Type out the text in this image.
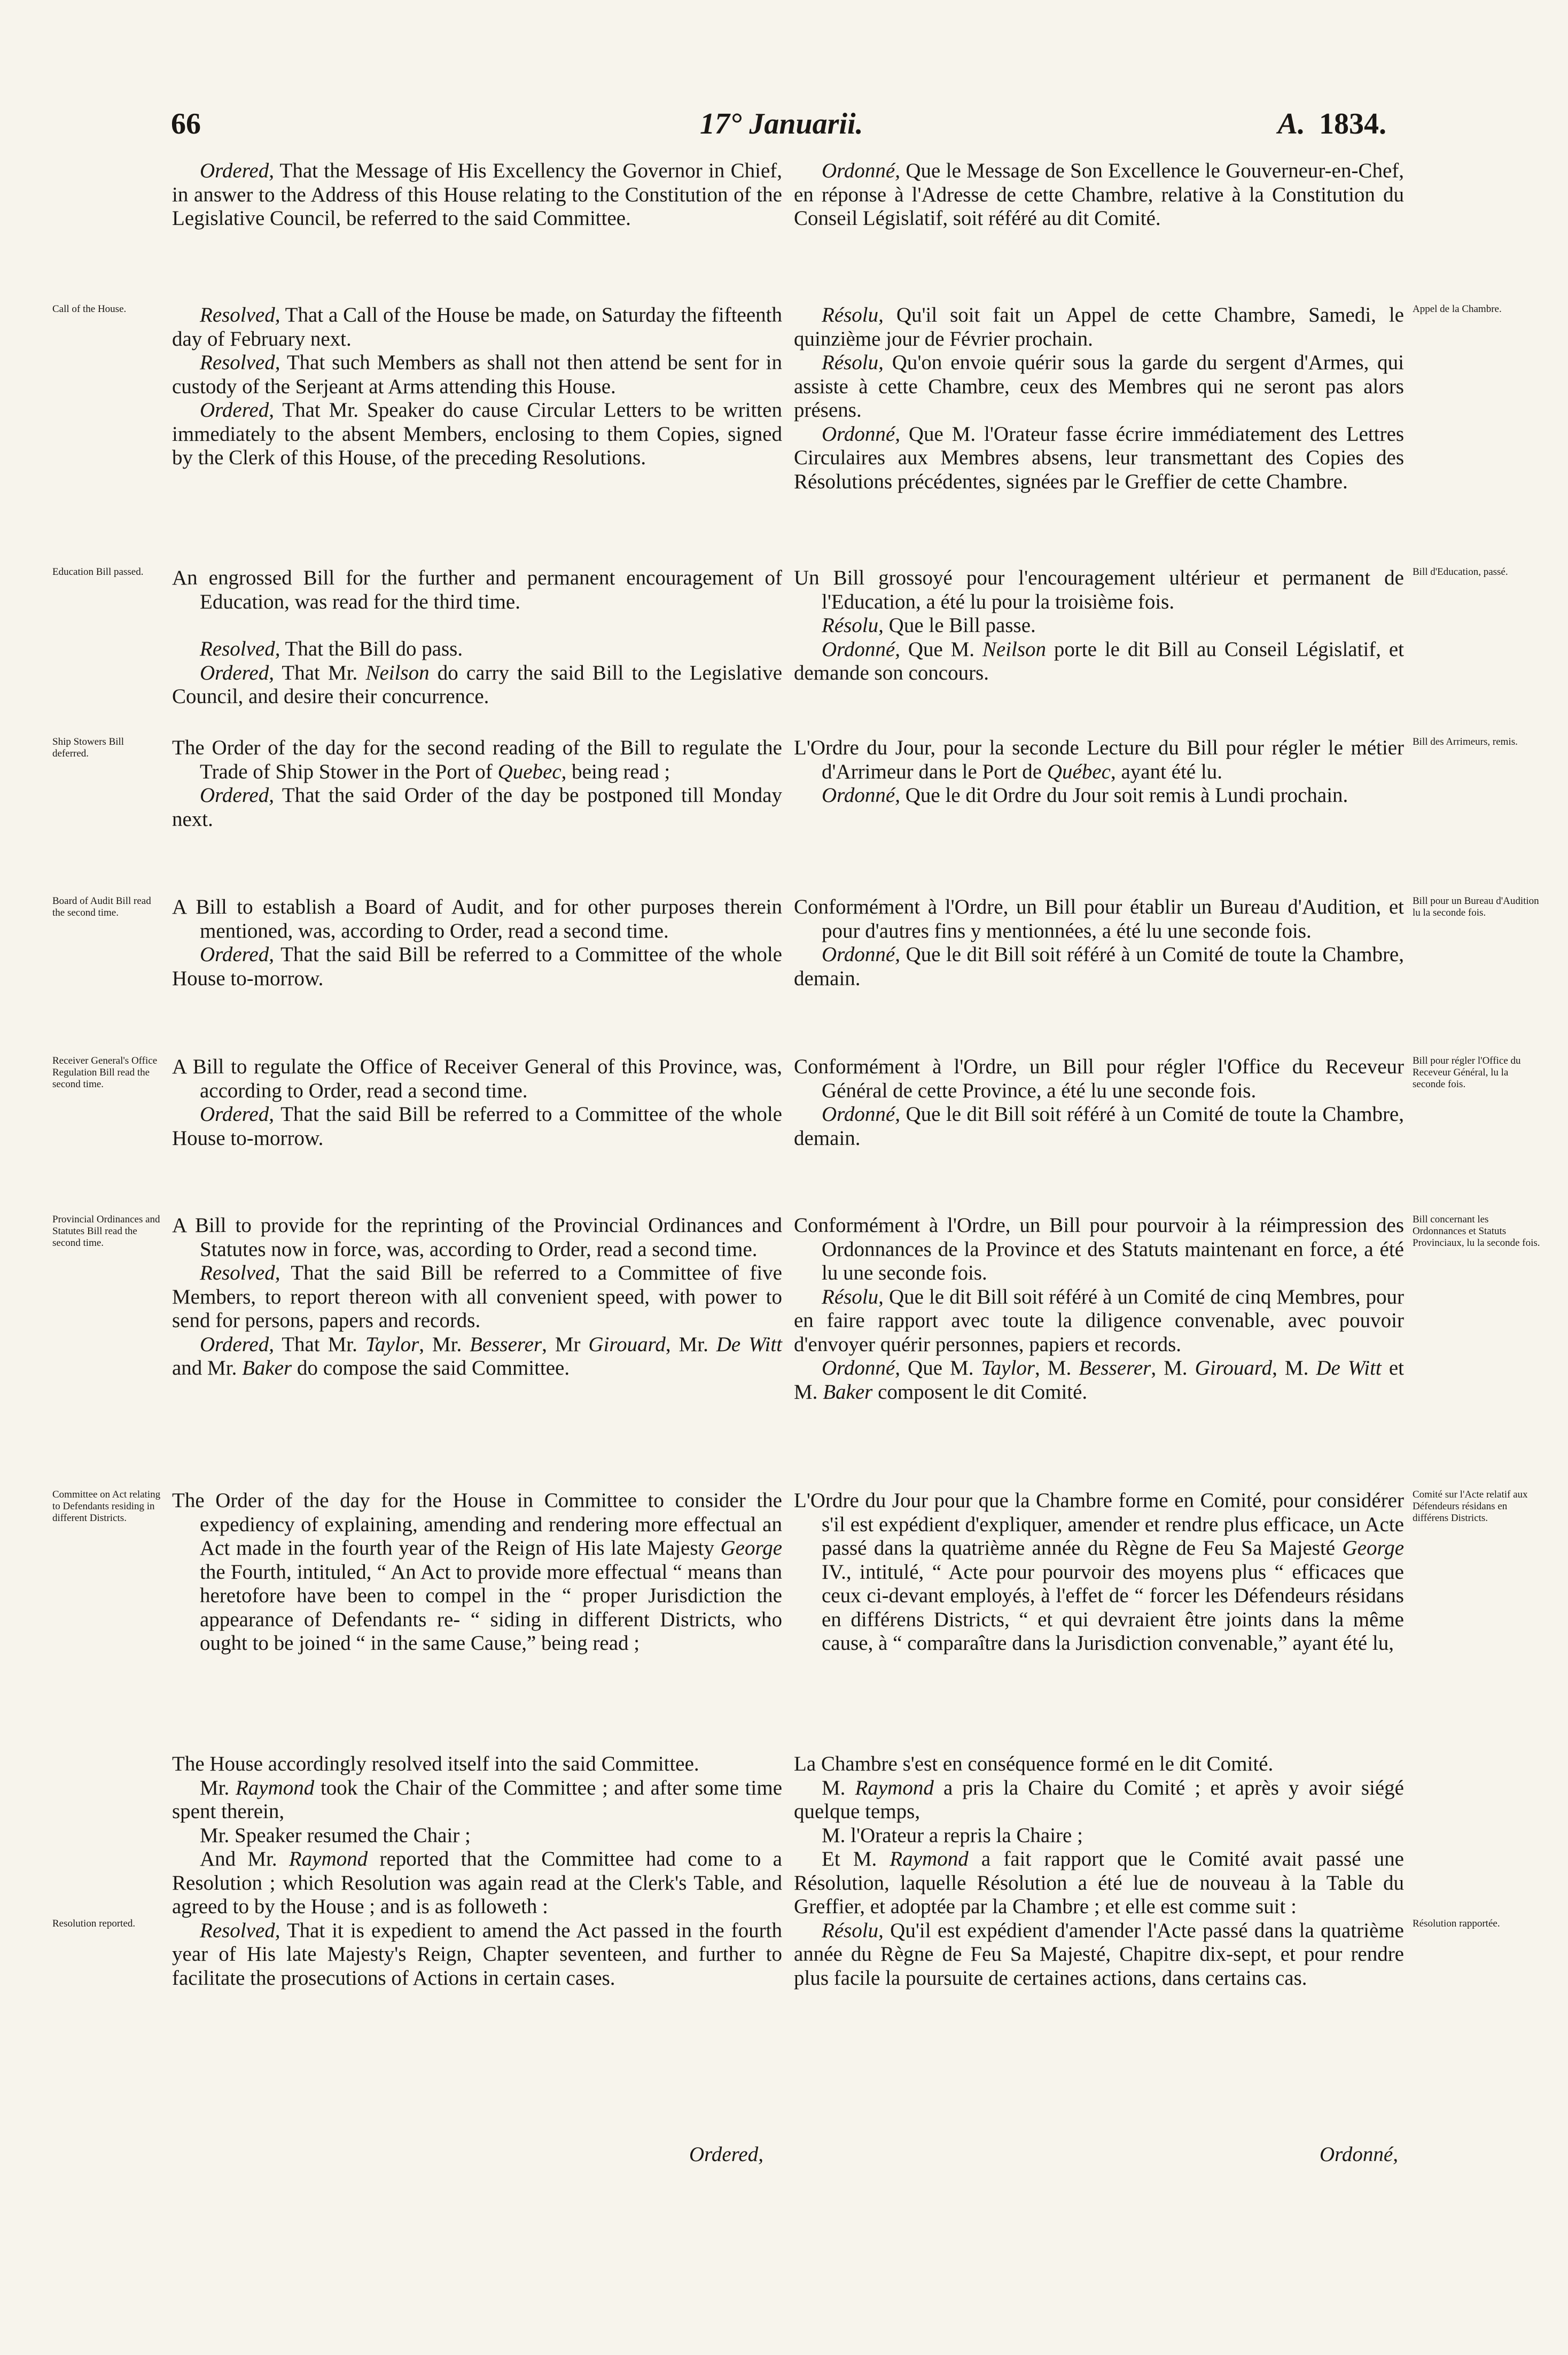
66	17° Januarii.	A. 1834.

Ordered, That the Message of His Excellency the Governor in Chief, in answer to the Address of this House relating to the Constitution of the Legislative Council, be referred to the said Committee.

Ordonné, Que le Message de Son Excellence le Gouverneur-en-Chef, en réponse à l'Adresse de cette Chambre, relative à la Constitution du Conseil Législatif, soit référé au dit Comité.

Call of the House.	Resolved, That a Call of the House be made, on Saturday the fifteenth day of February next.

Resolved, That such Members as shall not then attend be sent for in custody of the Serjeant at Arms attending this House.

Ordered, That Mr. Speaker do cause Circular Letters to be written immediately to the absent Members, enclosing to them Copies, signed by the Clerk of this House, of the preceding Resolutions.

Résolu, Qu'il soit fait un Appel de cette Chambre, Samedi, le quinzième jour de Février prochain.

Résolu, Qu'on envoie quérir sous la garde du sergent d'Armes, qui assiste à cette Chambre, ceux des Membres qui ne seront pas alors présens.

Ordonné, Que M. l'Orateur fasse écrire immédiatement des Lettres Circulaires aux Membres absens, leur transmettant des Copies des Résolutions précédentes, signées par le Greffier de cette Chambre.

Appel de la Chambre.
Education Bill passed.	An engrossed Bill for the further and permanent encouragement of Education, was read for the third time.

Resolved, That the Bill do pass.

Ordered, That Mr. Neilson do carry the said Bill to the Legislative Council, and desire their concurrence.

Un Bill grossoyé pour l'encouragement ultérieur et permanent de l'Education, a été lu pour la troisième fois.

Résolu, Que le Bill passe.

Ordonné, Que M. Neilson porte le dit Bill au Conseil Législatif, et demande son concours.

Bill d'Education, passé.
Ship Stowers Bill deferred.	The Order of the day for the second reading of the Bill to regulate the Trade of Ship Stower in the Port of Quebec, being read ;

Ordered, That the said Order of the day be postponed till Monday next.

L'Ordre du Jour, pour la seconde Lecture du Bill pour régler le métier d'Arrimeur dans le Port de Québec, ayant été lu.

Ordonné, Que le dit Ordre du Jour soit remis à Lundi prochain.

Bill des Arrimeurs, remis.
Board of Audit Bill read the second time.	A Bill to establish a Board of Audit, and for other purposes therein mentioned, was, according to Order, read a second time.

Ordered, That the said Bill be referred to a Committee of the whole House to-morrow.

Conformément à l'Ordre, un Bill pour établir un Bureau d'Audition, et pour d'autres fins y mentionnées, a été lu une seconde fois.

Ordonné, Que le dit Bill soit référé à un Comité de toute la Chambre, demain.

Bill pour un Bureau d'Audition lu la seconde fois.
Receiver General's Office Regulation Bill read the second time.

A Bill to regulate the Office of Receiver General of this Province, was, according to Order, read a second time.

Ordered, That the said Bill be referred to a Committee of the whole House to-morrow.

Conformément à l'Ordre, un Bill pour régler l'Office du Receveur Général de cette Province, a été lu une seconde fois.

Ordonné, Que le dit Bill soit référé à un Comité de toute la Chambre, demain.

Bill pour régler l'Office du Receveur Général, lu la seconde fois.
Provincial Ordinances and Statutes Bill read the second time.

A Bill to provide for the reprinting of the Provincial Ordinances and Statutes now in force, was, according to Order, read a second time.

Resolved, That the said Bill be referred to a Committee of five Members, to report thereon with all convenient speed, with power to send for persons, papers and records.

Ordered, That Mr. Taylor, Mr. Besserer, Mr Girouard, Mr. De Witt and Mr. Baker do compose the said Committee.

Conformément à l'Ordre, un Bill pour pourvoir à la réimpression des Ordonnances de la Province et des Statuts maintenant en force, a été lu une seconde fois.

Résolu, Que le dit Bill soit référé à un Comité de cinq Membres, pour en faire rapport avec toute la diligence convenable, avec pouvoir d'envoyer quérir personnes, papiers et records.

Ordonné, Que M. Taylor, M. Besserer, M. Girouard, M. De Witt et M. Baker composent le dit Comité.

Bill concernant les Ordonnances et Statuts Provinciaux, lu la seconde fois.
Committee on Act relating to Defendants residing in different Districts.

The Order of the day for the House in Committee to consider the expediency of explaining, amending and rendering more effectual an Act made in the fourth year of the Reign of His late Majesty George the Fourth, intituled, “ An Act to provide more effectual “ means than heretofore have been to compel in the “ proper Jurisdiction the appearance of Defendants re- “ siding in different Districts, who ought to be joined “ in the same Cause,” being read ;

L'Ordre du Jour pour que la Chambre forme en Comité, pour considérer s'il est expédient d'expliquer, amender et rendre plus efficace, un Acte passé dans la quatrième année du Règne de Feu Sa Majesté George IV., intitulé, “ Acte pour pourvoir des moyens plus “ efficaces que ceux ci-devant employés, à l'effet de “ forcer les Défendeurs résidans en différens Districts, “ et qui devraient être joints dans la même cause, à “ comparaître dans la Jurisdiction convenable,” ayant été lu,

Comité sur l'Acte relatif aux Défendeurs résidans en différens Districts.
Resolution reported.

The House accordingly resolved itself into the said Committee.

Mr. Raymond took the Chair of the Committee ; and after some time spent therein,

Mr. Speaker resumed the Chair ;

And Mr. Raymond reported that the Committee had come to a Resolution ; which Resolution was again read at the Clerk's Table, and agreed to by the House ; and is as followeth :

Resolved, That it is expedient to amend the Act passed in the fourth year of His late Majesty's Reign, Chapter seventeen, and further to facilitate the prosecutions of Actions in certain cases.

La Chambre s'est en conséquence formé en le dit Comité.

M. Raymond a pris la Chaire du Comité ; et après y avoir siégé quelque temps,

M. l'Orateur a repris la Chaire ;

Et M. Raymond a fait rapport que le Comité avait passé une Résolution, laquelle Résolution a été lue de nouveau à la Table du Greffier, et adoptée par la Chambre ; et elle est comme suit :

Résolu, Qu'il est expédient d'amender l'Acte passé dans la quatrième année du Règne de Feu Sa Majesté, Chapitre dix-sept, et pour rendre plus facile la poursuite de certaines actions, dans certains cas.

Résolution rapportée.
Ordered,	Ordonné,
